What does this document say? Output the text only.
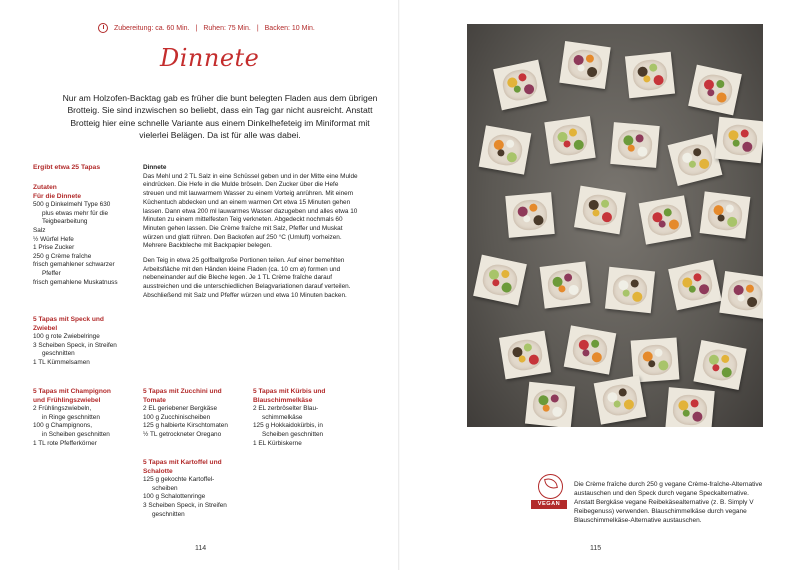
Zubereitung: ca. 60 Min. | Ruhen: 75 Min. | Backen: 10 Min.
Dinnete
Nur am Holzofen-Backtag gab es früher die bunt belegten Fladen aus dem übrigen Brotteig. Sie sind inzwischen so beliebt, dass ein Tag gar nicht ausreicht. Anstatt Brotteig hier eine schnelle Variante aus einem Dinkelhefeteig im Miniformat mit vielerlei Belägen. Da ist für alle was dabei.
Ergibt etwa 25 Tapas
Zutaten
Für die Dinnete
500 g Dinkelmehl Type 630
plus etwas mehr für die
Teigbearbeitung
Salz
½ Würfel Hefe
1 Prise Zucker
250 g Crème fraîche
frisch gemahlener schwarzer
Pfeffer
frisch gemahlene Muskatnuss
Dinnete

Das Mehl und 2 TL Salz in eine Schüssel geben und in der Mitte eine Mulde eindrücken. Die Hefe in die Mulde bröseln. Den Zucker über die Hefe streuen und mit lauwarmem Wasser zu einem Vorteig anrühren. Mit einem Küchentuch abdecken und an einem warmen Ort etwa 15 Minuten gehen lassen. Dann etwa 200 ml lauwarmes Wasser dazugeben und alles etwa 10 Minuten zu einem mittelfesten Teig verkneten. Abgedeckt nochmals 60 Minuten gehen lassen. Die Crème fraîche mit Salz, Pfeffer und Muskat würzen und glatt rühren. Den Backofen auf 250 °C (Umluft) vorheizen. Mehrere Backbleche mit Backpapier belegen.

Den Teig in etwa 25 golfballgroße Portionen teilen. Auf einer bemehlten Arbeitsfläche mit den Händen kleine Fladen (ca. 10 cm ø) formen und nebeneinander auf die Bleche legen. Je 1 TL Crème fraîche darauf ausstreichen und die unterschiedlichen Belagvariationen darauf verteilen. Abschließend mit Salz und Pfeffer würzen und etwa 10 Minuten backen.

5 Tapas mit Speck und
Zwiebel
100 g rote Zwiebelringe
3 Scheiben Speck, in Streifen
geschnitten
1 TL Kümmelsamen
5 Tapas mit Champignon
und Frühlingszwiebel
2 Frühlingszwiebeln,
in Ringe geschnitten
100 g Champignons,
in Scheiben geschnitten
1 TL rote Pfefferkörner
5 Tapas mit Zucchini und
Tomate
2 EL geriebener Bergkäse
100 g Zucchinischeiben
125 g halbierte Kirschtomaten
½ TL getrockneter Oregano
5 Tapas mit Kürbis und
Blauschimmelkäse
2 EL zerbröselter Blau-
schimmelkäse
125 g Hokkaidokürbis, in
Scheiben geschnitten
1 EL Kürbiskerne
5 Tapas mit Kartoffel und
Schalotte
125 g gekochte Kartoffel-
scheiben
100 g Schalottenringe
3 Scheiben Speck, in Streifen
geschnitten
114
VEGAN
Die Crème fraîche durch 250 g vegane Crème-fraîche-Alternative austauschen und den Speck durch vegane Speckalternative. Anstatt Bergkäse vegane Reibekäsealternative (z. B. Simply V Reibegenuss) verwenden. Blauschimmelkäse durch vegane Blauschimmelkäse-Alternative austauschen.
115
